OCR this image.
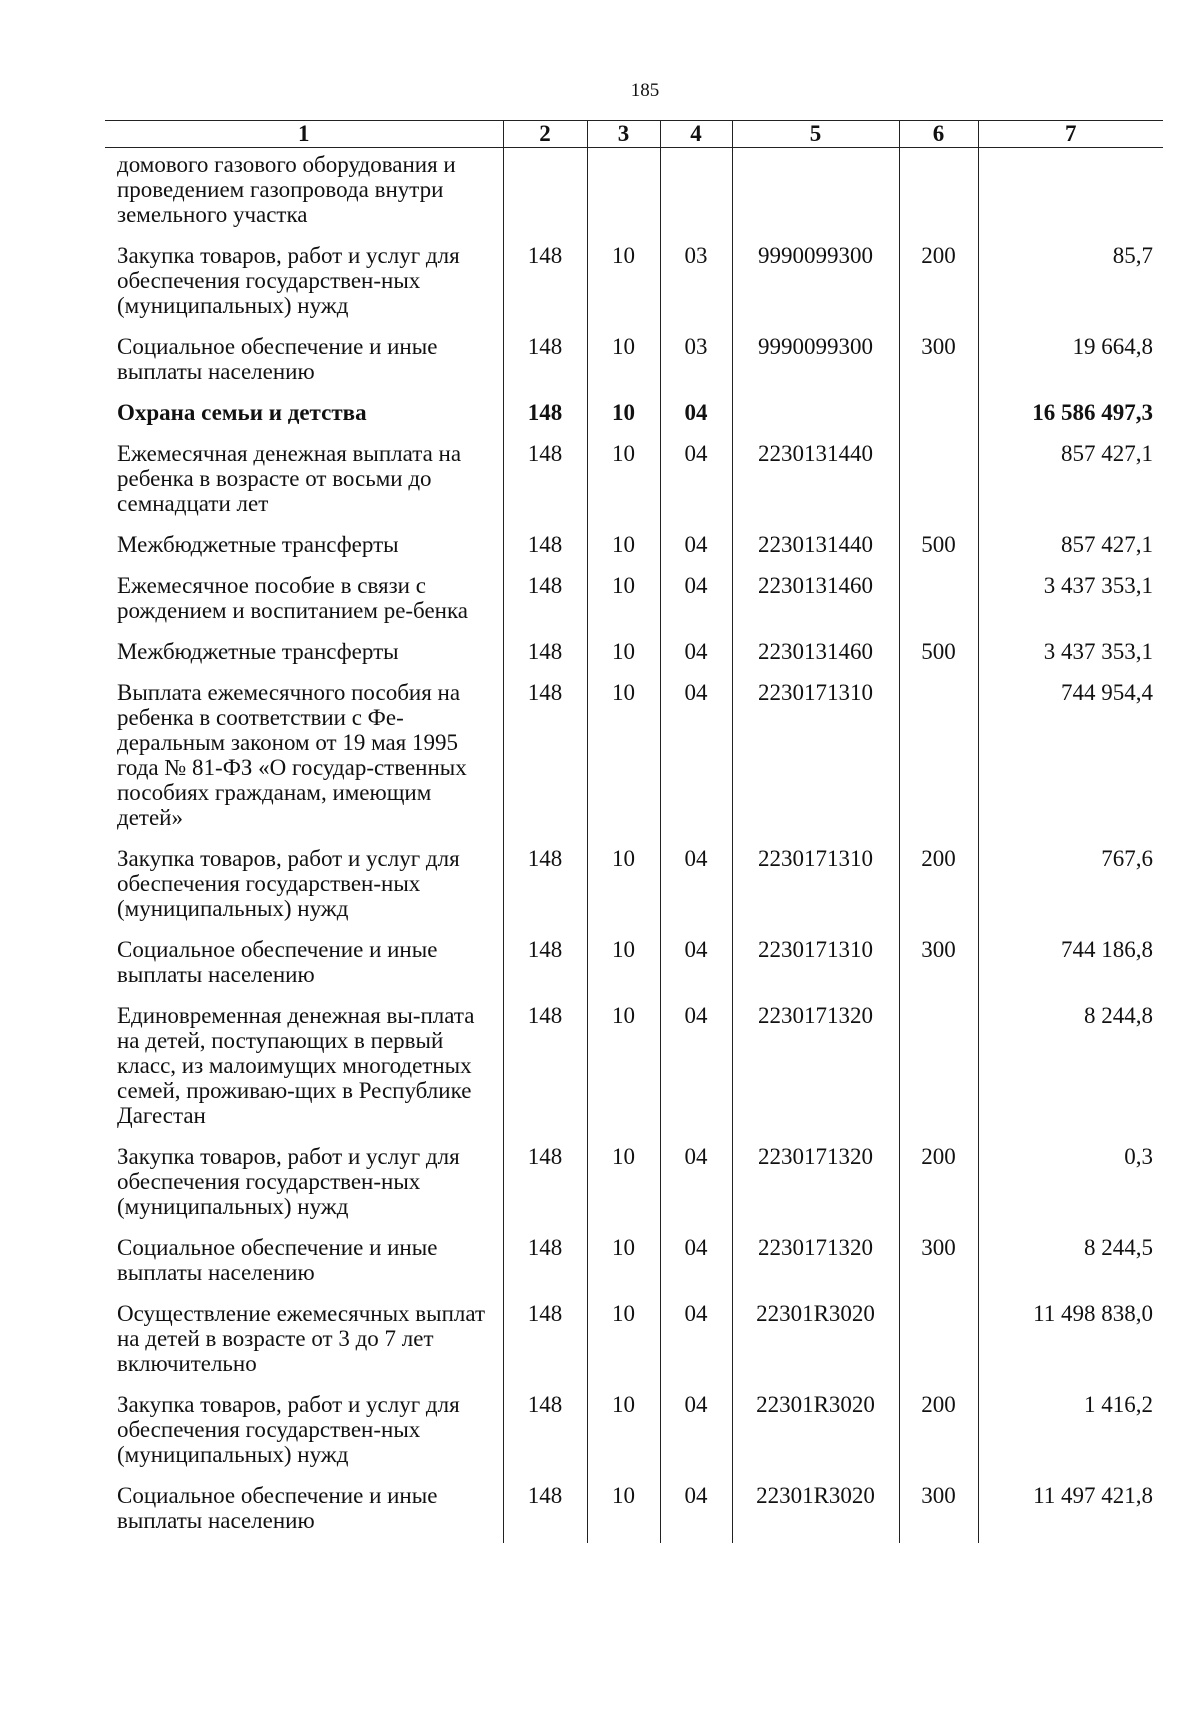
185
1	2	3	4	5	6	7
домового газового оборудования и проведением газопровода внутри земельного участка						
Закупка товаров, работ и услуг для обеспечения государствен-ных (муниципальных) нужд	148	10	03	9990099300	200	85,7
Социальное обеспечение и иные выплаты населению	148	10	03	9990099300	300	19 664,8
Охрана семьи и детства	148	10	04			16 586 497,3
Ежемесячная денежная выплата на ребенка в возрасте от восьми до семнадцати лет	148	10	04	2230131440		857 427,1
Межбюджетные трансферты	148	10	04	2230131440	500	857 427,1
Ежемесячное пособие в связи с рождением и воспитанием ре-бенка	148	10	04	2230131460		3 437 353,1
Межбюджетные трансферты	148	10	04	2230131460	500	3 437 353,1
Выплата ежемесячного пособия на ребенка в соответствии с Фе-деральным законом от 19 мая 1995 года № 81-ФЗ «О государ-ственных пособиях гражданам, имеющим детей»	148	10	04	2230171310		744 954,4
Закупка товаров, работ и услуг для обеспечения государствен-ных (муниципальных) нужд	148	10	04	2230171310	200	767,6
Социальное обеспечение и иные выплаты населению	148	10	04	2230171310	300	744 186,8
Единовременная денежная вы-плата на детей, поступающих в первый класс, из малоимущих многодетных семей, проживаю-щих в Республике Дагестан	148	10	04	2230171320		8 244,8
Закупка товаров, работ и услуг для обеспечения государствен-ных (муниципальных) нужд	148	10	04	2230171320	200	0,3
Социальное обеспечение и иные выплаты населению	148	10	04	2230171320	300	8 244,5
Осуществление ежемесячных выплат на детей в возрасте от 3 до 7 лет включительно	148	10	04	22301R3020		11 498 838,0
Закупка товаров, работ и услуг для обеспечения государствен-ных (муниципальных) нужд	148	10	04	22301R3020	200	1 416,2
Социальное обеспечение и иные выплаты населению	148	10	04	22301R3020	300	11 497 421,8
